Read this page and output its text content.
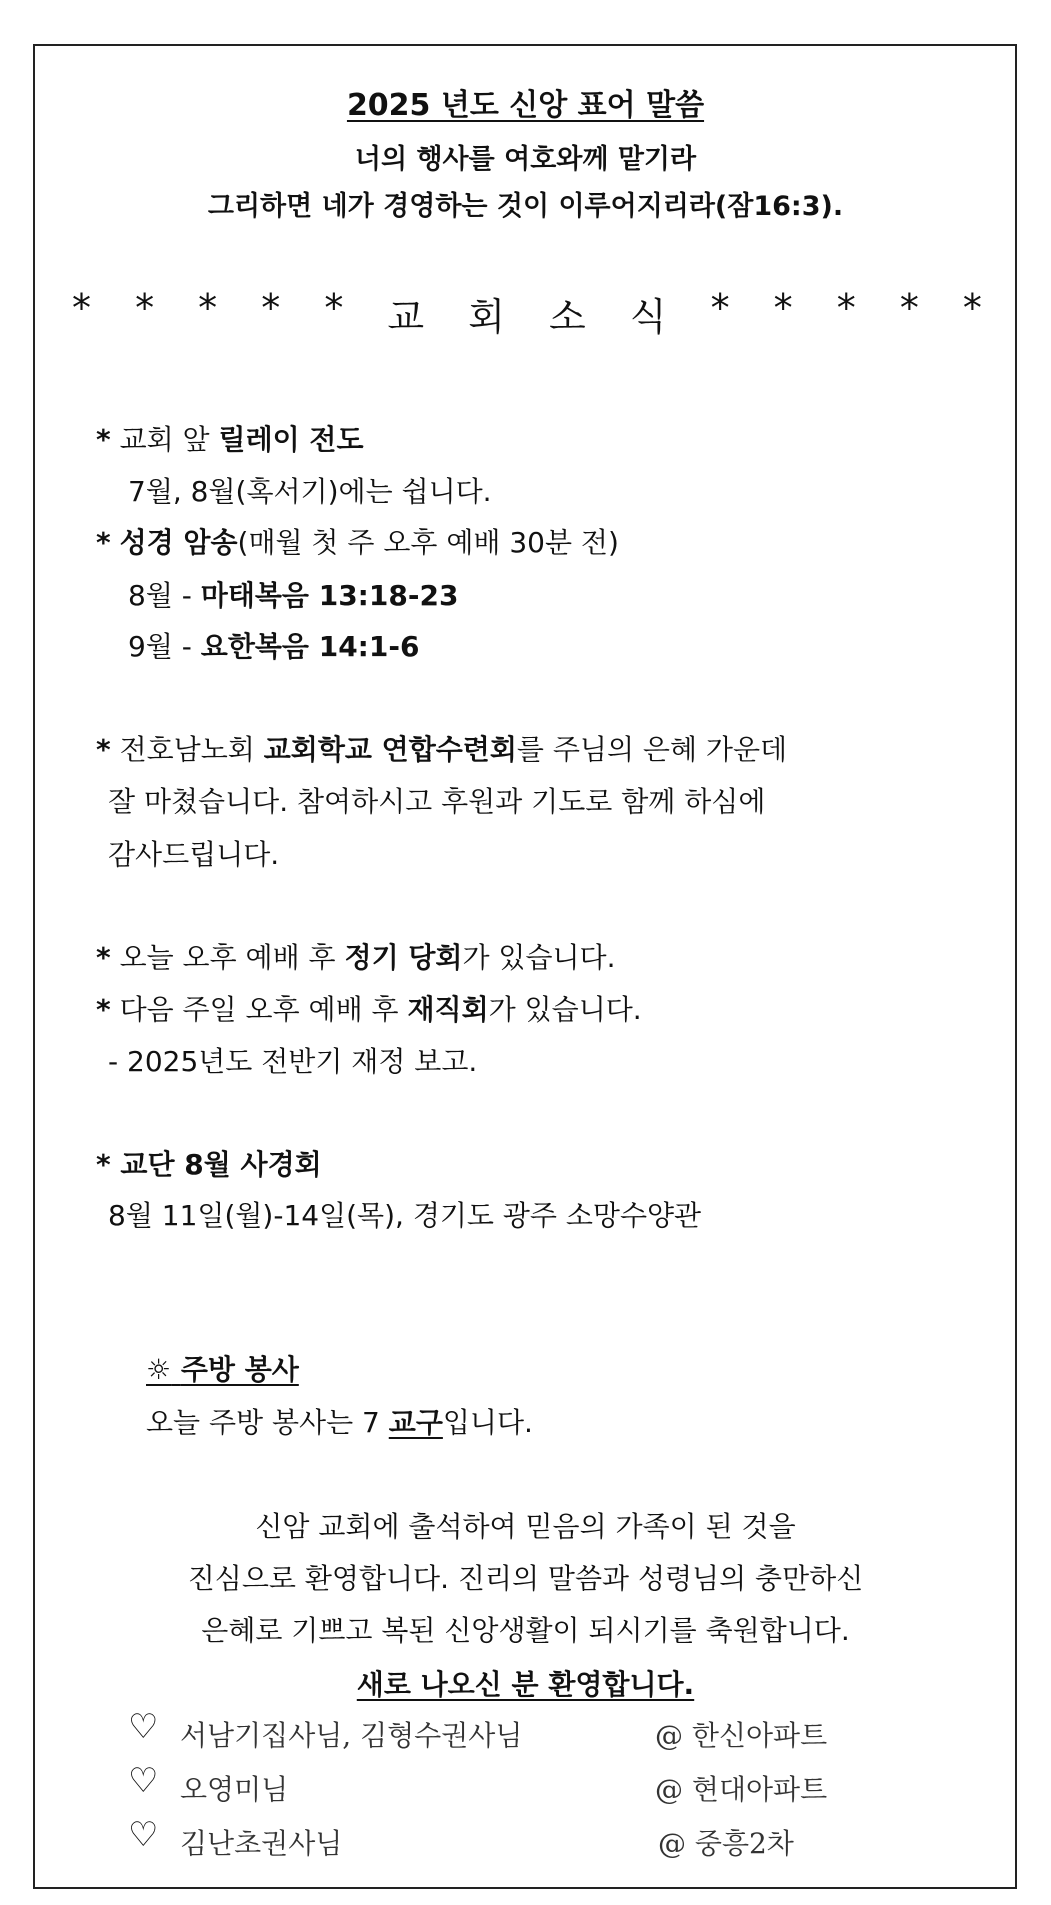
2025 년도 신앙 표어 말씀
너의 행사를 여호와께 맡기라
그리하면 네가 경영하는 것이 이루어지리라(잠16:3).
* * * * * 교 회 소 식 * * * * *
* 교회 앞 릴레이 전도
7월, 8월(혹서기)에는 쉽니다.
* 성경 암송(매월 첫 주 오후 예배 30분 전)
8월 - 마태복음 13:18-23
9월 - 요한복음 14:1-6
* 전호남노회 교회학교 연합수련회를 주님의 은혜 가운데
잘 마쳤습니다. 참여하시고 후원과 기도로 함께 하심에
감사드립니다.
* 오늘 오후 예배 후 정기 당회가 있습니다.
* 다음 주일 오후 예배 후 재직회가 있습니다.
- 2025년도 전반기 재정 보고.
* 교단 8월 사경회
8월 11일(월)-14일(목), 경기도 광주 소망수양관
☼ 주방 봉사
오늘 주방 봉사는 7 교구입니다.
신암 교회에 출석하여 믿음의 가족이 된 것을
진심으로 환영합니다. 진리의 말씀과 성령님의 충만하신
은혜로 기쁘고 복된 신앙생활이 되시기를 축원합니다.
새로 나오신 분 환영합니다.
♡ 서남기집사님, 김형수권사님	@ 한신아파트
♡ 오영미님	@ 현대아파트
♡ 김난초권사님	@ 중흥2차
